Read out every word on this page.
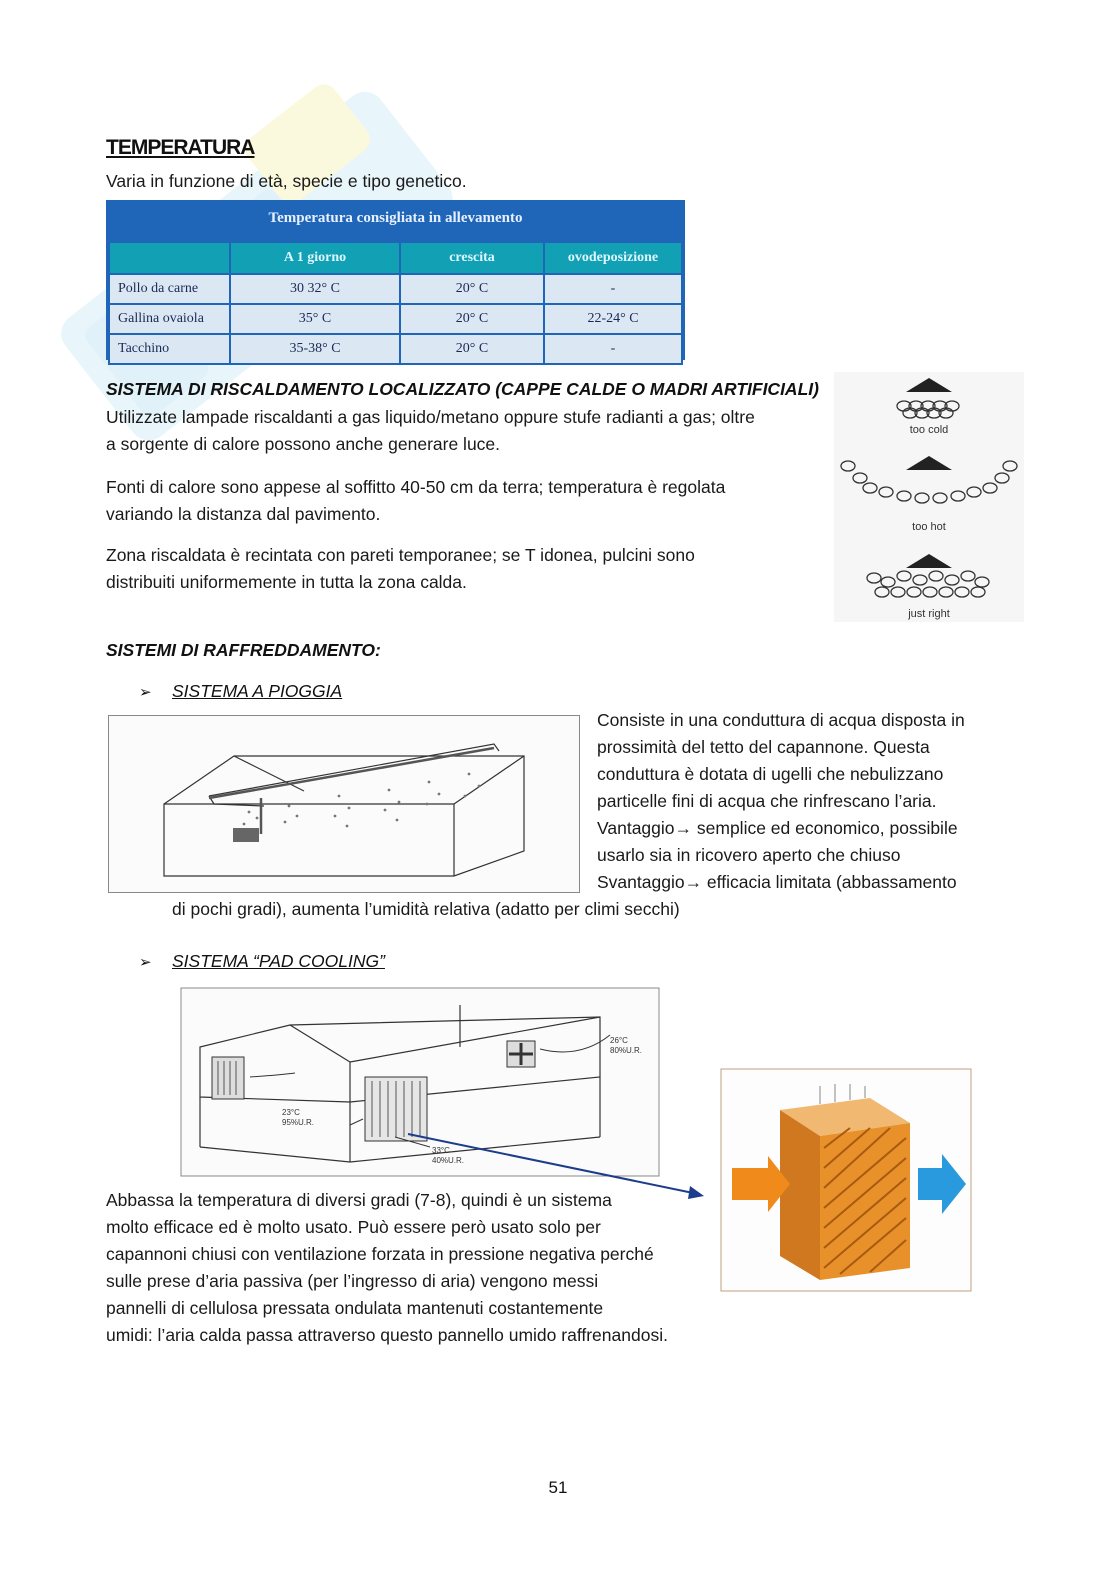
TEMPERATURA
Varia in funzione di età, specie e tipo genetico.
Temperatura consigliata in allevamento
	A 1 giorno	crescita	ovodeposizione
Pollo da carne	30 32° C	20° C	-
Gallina ovaiola	35° C	20° C	22-24° C
Tacchino	35-38° C	20° C	-
SISTEMA DI RISCALDAMENTO LOCALIZZATO (CAPPE CALDE O MADRI ARTIFICIALI)
Utilizzate lampade riscaldanti a gas liquido/metano oppure stufe radianti a gas; oltre
a sorgente di calore possono anche generare luce.
Fonti di calore sono appese al soffitto 40-50 cm da terra; temperatura è regolata
variando la distanza dal pavimento.
Zona riscaldata è recintata con pareti temporanee; se T idonea, pulcini sono
distribuiti uniformemente in tutta la zona calda.
too cold
too hot
just right
SISTEMI DI RAFFREDDAMENTO:
➢ SISTEMA A PIOGGIA
Consiste in una conduttura di acqua disposta in
prossimità del tetto del capannone. Questa
conduttura è dotata di ugelli che nebulizzano
particelle fini di acqua che rinfrescano l’aria.
Vantaggio→ semplice ed economico, possibile
usarlo sia in ricovero aperto che chiuso
Svantaggio→ efficacia limitata (abbassamento
di pochi gradi), aumenta l’umidità relativa (adatto per climi secchi)
➢ SISTEMA “PAD COOLING”
26°C
80%U.R.
23°C
95%U.R.
33°C
40%U.R.
Abbassa la temperatura di diversi gradi (7-8), quindi è un sistema
molto efficace ed è molto usato. Può essere però usato solo per
capannoni chiusi con ventilazione forzata in pressione negativa perché
sulle prese d’aria passiva (per l’ingresso di aria) vengono messi
pannelli di cellulosa pressata ondulata mantenuti costantemente
umidi: l’aria calda passa attraverso questo pannello umido raffrenandosi.
51
